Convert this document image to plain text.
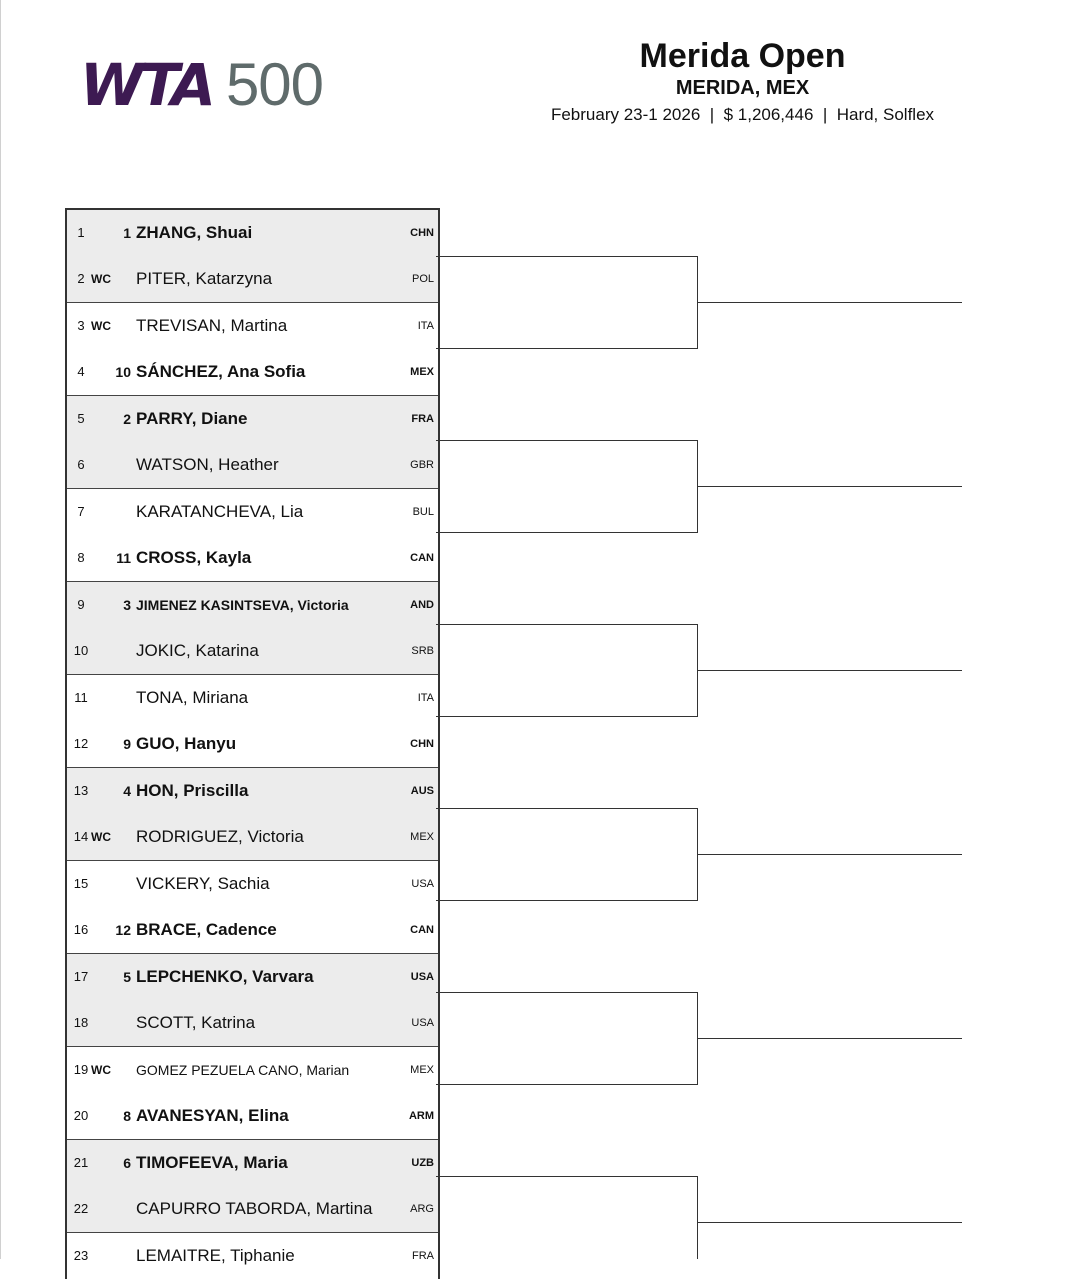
WTA 500	Merida Open
MERIDA, MEX
February 23-1 2026  |  $ 1,206,446  |  Hard, Solflex
1	1 ZHANG, Shuai	CHN
2 WC PITER, Katarzyna	POL
3 WC TREVISAN, Martina	ITA
4	10 SÁNCHEZ, Ana Sofia	MEX
5	2 PARRY, Diane	FRA
6	WATSON, Heather	GBR
7	KARATANCHEVA, Lia	BUL
8	11 CROSS, Kayla	CAN
9	3 JIMENEZ KASINTSEVA, Victoria	AND
10	JOKIC, Katarina	SRB
11	TONA, Miriana	ITA
12	9 GUO, Hanyu	CHN
13	4 HON, Priscilla	AUS
14 WC RODRIGUEZ, Victoria	MEX
15	VICKERY, Sachia	USA
16	12 BRACE, Cadence	CAN
17	5 LEPCHENKO, Varvara	USA
18	SCOTT, Katrina	USA
19 WC GOMEZ PEZUELA CANO, Marian	MEX
20	8 AVANESYAN, Elina	ARM
21	6 TIMOFEEVA, Maria	UZB
22	CAPURRO TABORDA, Martina	ARG
23	LEMAITRE, Tiphanie	FRA
